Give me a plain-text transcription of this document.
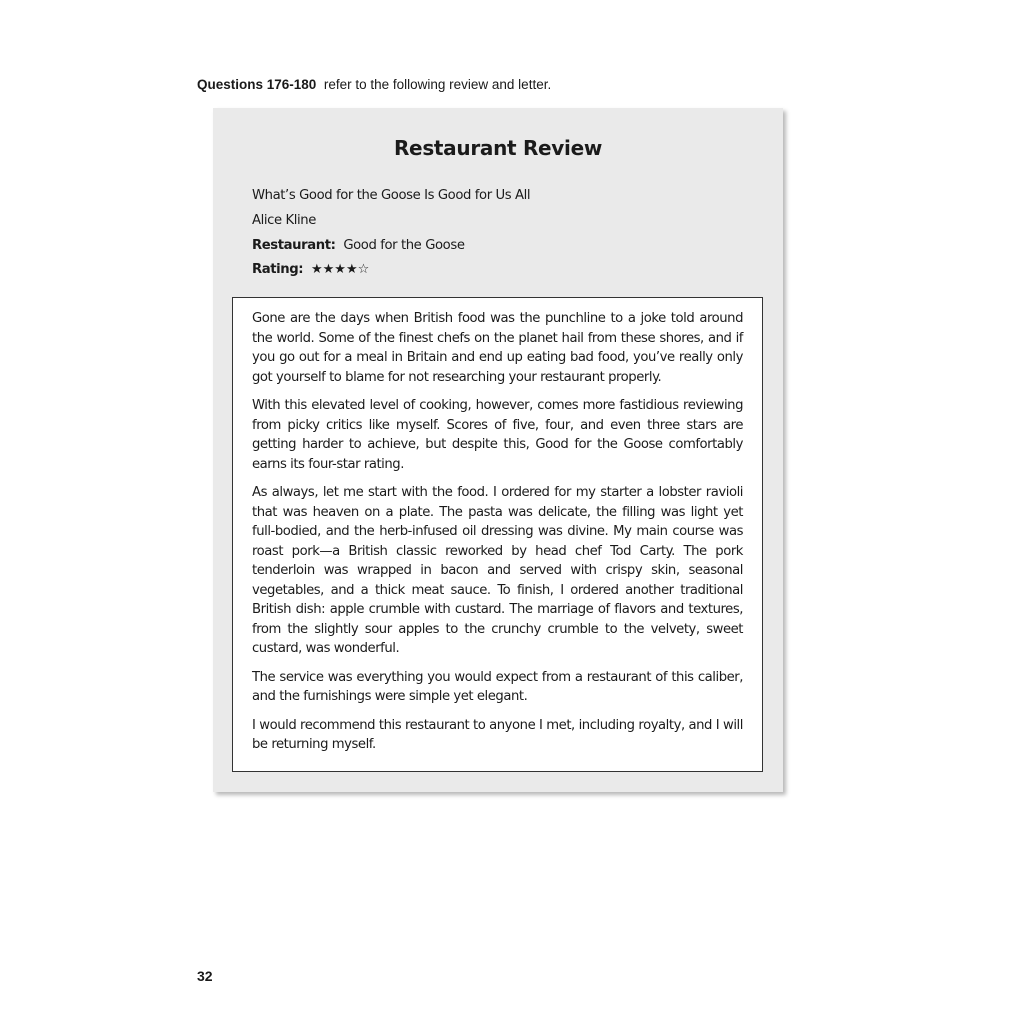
Questions 176-180 refer to the following review and letter.
Restaurant Review
What’s Good for the Goose Is Good for Us All
Alice Kline
Restaurant: Good for the Goose
Rating: ★★★★☆

Gone are the days when British food was the punchline to a joke told around the world. Some of the finest chefs on the planet hail from these shores, and if you go out for a meal in Britain and end up eating bad food, you’ve really only got yourself to blame for not researching your restaurant properly.

With this elevated level of cooking, however, comes more fastidious reviewing from picky critics like myself. Scores of five, four, and even three stars are getting harder to achieve, but despite this, Good for the Goose comfortably earns its four-star rating.

As always, let me start with the food. I ordered for my starter a lobster ravioli that was heaven on a plate. The pasta was delicate, the filling was light yet full-bodied, and the herb-infused oil dressing was divine. My main course was roast pork—a British classic reworked by head chef Tod Carty. The pork tenderloin was wrapped in bacon and served with crispy skin, seasonal vegetables, and a thick meat sauce. To finish, I ordered another traditional British dish: apple crumble with custard. The marriage of flavors and textures, from the slightly sour apples to the crunchy crumble to the velvety, sweet custard, was wonderful.

The service was everything you would expect from a restaurant of this caliber, and the furnishings were simple yet elegant.

I would recommend this restaurant to anyone I met, including royalty, and I will be returning myself.

32
